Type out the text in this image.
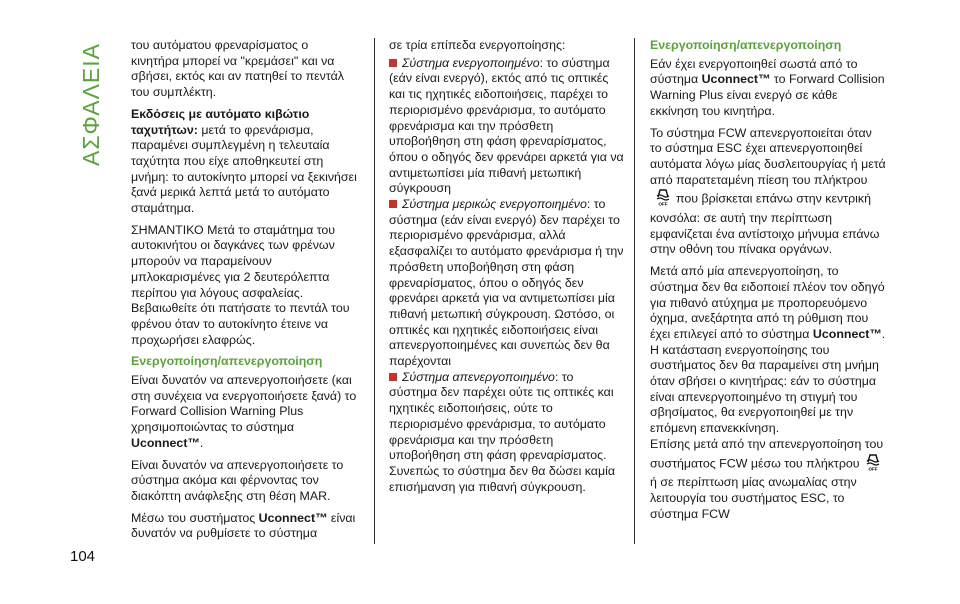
ΑΣΦΑΛΕΙΑ
104

του αυτόματου φρεναρίσματος ο κινητήρα μπορεί να "κρεμάσει" και να σβήσει, εκτός και αν πατηθεί το πεντάλ του συμπλέκτη.

Εκδόσεις με αυτόματο κιβώτιο ταχυτήτων: μετά το φρενάρισμα, παραμένει συμπλεγμένη η τελευταία ταχύτητα που είχε αποθηκευτεί στη μνήμη: το αυτοκίνητο μπορεί να ξεκινήσει ξανά μερικά λεπτά μετά το αυτόματο σταμάτημα.

ΣΗΜΑΝΤΙΚΟ Μετά το σταμάτημα του αυτοκινήτου οι δαγκάνες των φρένων μπορούν να παραμείνουν μπλοκαρισμένες για 2 δευτερόλεπτα περίπου για λόγους ασφαλείας. Βεβαιωθείτε ότι πατήσατε το πεντάλ του φρένου όταν το αυτοκίνητο έτεινε να προχωρήσει ελαφρώς.

Ενεργοποίηση/απενεργοποίηση

Είναι δυνατόν να απενεργοποιήσετε (και στη συνέχεια να ενεργοποιήσετε ξανά) το Forward Collision Warning Plus χρησιμοποιώντας το σύστημα Uconnect™.

Είναι δυνατόν να απενεργοποιήσετε το σύστημα ακόμα και φέρνοντας τον διακόπτη ανάφλεξης στη θέση MAR.

Μέσω του συστήματος Uconnect™ είναι δυνατόν να ρυθμίσετε το σύστημα

σε τρία επίπεδα ενεργοποίησης:

Σύστημα ενεργοποιημένο: το σύστημα (εάν είναι ενεργό), εκτός από τις οπτικές και τις ηχητικές ειδοποιήσεις, παρέχει το περιορισμένο φρενάρισμα, το αυτόματο φρενάρισμα και την πρόσθετη υποβοήθηση στη φάση φρεναρίσματος, όπου ο οδηγός δεν φρενάρει αρκετά για να αντιμετωπίσει μία πιθανή μετωπική σύγκρουση

Σύστημα μερικώς ενεργοποιημένο: το σύστημα (εάν είναι ενεργό) δεν παρέχει το περιορισμένο φρενάρισμα, αλλά εξασφαλίζει το αυτόματο φρενάρισμα ή την πρόσθετη υποβοήθηση στη φάση φρεναρίσματος, όπου ο οδηγός δεν φρενάρει αρκετά για να αντιμετωπίσει μία πιθανή μετωπική σύγκρουση. Ωστόσο, οι οπτικές και ηχητικές ειδοποιήσεις είναι απενεργοποιημένες και συνεπώς δεν θα παρέχονται

Σύστημα απενεργοποιημένο: το σύστημα δεν παρέχει ούτε τις οπτικές και ηχητικές ειδοποιήσεις, ούτε το περιορισμένο φρενάρισμα, το αυτόματο φρενάρισμα και την πρόσθετη υποβοήθηση στη φάση φρεναρίσματος. Συνεπώς το σύστημα δεν θα δώσει καμία επισήμανση για πιθανή σύγκρουση.

Ενεργοποίηση/απενεργοποίηση

Εάν έχει ενεργοποιηθεί σωστά από το σύστημα Uconnect™ το Forward Collision Warning Plus είναι ενεργό σε κάθε εκκίνηση του κινητήρα.

Το σύστημα FCW απενεργοποιείται όταν το σύστημα ESC έχει απενεργοποιηθεί αυτόματα λόγω μίας δυσλειτουργίας ή μετά από παρατεταμένη πίεση του πλήκτρου
OFF που βρίσκεται επάνω στην κεντρική κονσόλα: σε αυτή την περίπτωση εμφανίζεται ένα αντίστοιχο μήνυμα επάνω στην οθόνη του πίνακα οργάνων.

Μετά από μία απενεργοποίηση, το σύστημα δεν θα ειδοποιεί πλέον τον οδηγό για πιθανό ατύχημα με προπορευόμενο όχημα, ανεξάρτητα από τη ρύθμιση που έχει επιλεγεί από το σύστημα Uconnect™.

Η κατάσταση ενεργοποίησης του συστήματος δεν θα παραμείνει στη μνήμη όταν σβήσει ο κινητήρας: εάν το σύστημα είναι απενεργοποιημένο τη στιγμή του σβησίματος, θα ενεργοποιηθεί με την επόμενη επανεκκίνηση.

Επίσης μετά από την απενεργοποίηση του συστήματος FCW μέσω του πλήκτρου OFF
ή σε περίπτωση μίας ανωμαλίας στην λειτουργία του συστήματος ESC, το σύστημα FCW
